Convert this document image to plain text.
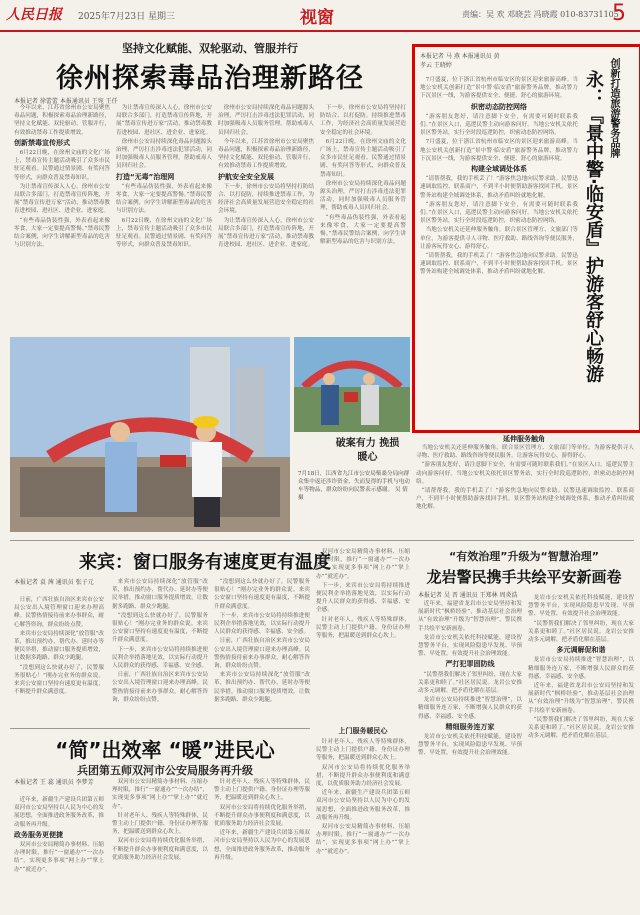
人民日报 2025年7月23日 星期三	视窗	责编：吴 欢 邓晓芸 冯晓霞 010-83731105
5
坚持文化赋能、双轮驱动、管服并行
徐州探索毒品治理新路径
本报记者 徐蕾蕾 本报通讯员 王宛 王仟

今年以来，江苏省徐州市公安局聚焦毒品问题，积极探索毒品治理新路径，坚持文化赋能、双轮驱动、管服并行，有效推动禁毒工作提质增效。

创新禁毒宣传形式

6月22日晚，在徐州文庙的文化广场上，禁毒宣传主题活动吸引了众多市民驻足观看。民警通过情景剧、有奖问答等形式，向群众普及禁毒知识。

为让禁毒宣传深入人心，徐州市公安局联合多部门，打造禁毒宣传阵地，开展“禁毒宣传进万家”活动，推动禁毒教育进校园、进社区、进企业、进家庭。

“有些毒品伪装性强，外表看起来像零食，大家一定要提高警惕。”禁毒民警结合案例，向学生讲解新型毒品的危害与识别方法。

为让禁毒宣传深入人心，徐州市公安局联合多部门，打造禁毒宣传阵地，开展“禁毒宣传进万家”活动，推动禁毒教育进校园、进社区、进企业、进家庭。

徐州市公安局持续深化毒品问题源头治理，严厉打击涉毒违法犯罪活动，同时加强吸毒人员服务管理，帮助戒毒人员回归社会。

打造“无毒”治理网

“有些毒品伪装性强，外表看起来像零食，大家一定要提高警惕。”禁毒民警结合案例，向学生讲解新型毒品的危害与识别方法。

6月22日晚，在徐州文庙的文化广场上，禁毒宣传主题活动吸引了众多市民驻足观看。民警通过情景剧、有奖问答等形式，向群众普及禁毒知识。

徐州市公安局持续深化毒品问题源头治理，严厉打击涉毒违法犯罪活动，同时加强吸毒人员服务管理，帮助戒毒人员回归社会。

今年以来，江苏省徐州市公安局聚焦毒品问题，积极探索毒品治理新路径，坚持文化赋能、双轮驱动、管服并行，有效推动禁毒工作提质增效。

护航安全安全发展

下一步，徐州市公安局将坚持打防结合、以打促防，持续推进禁毒工作，为经济社会高质量发展营造安全稳定的社会环境。

为让禁毒宣传深入人心，徐州市公安局联合多部门，打造禁毒宣传阵地，开展“禁毒宣传进万家”活动，推动禁毒教育进校园、进社区、进企业、进家庭。

下一步，徐州市公安局将坚持打防结合、以打促防，持续推进禁毒工作，为经济社会高质量发展营造安全稳定的社会环境。

6月22日晚，在徐州文庙的文化广场上，禁毒宣传主题活动吸引了众多市民驻足观看。民警通过情景剧、有奖问答等形式，向群众普及禁毒知识。

徐州市公安局持续深化毒品问题源头治理，严厉打击涉毒违法犯罪活动，同时加强吸毒人员服务管理，帮助戒毒人员回归社会。

“有些毒品伪装性强，外表看起来像零食，大家一定要提高警惕。”禁毒民警结合案例，向学生讲解新型毒品的危害与识别方法。

破案有力 挽损暖心
7月18日，江西省九江市公安局柴桑分局向群众集中返还涉诈资金、失而复得的手机与电动车等物品，群众纷纷向民警表示感谢。 吴 倩摄
本报记者 马 燕 本报通讯员 黄孝云 王晓婷	创新打造旅游警务品牌
永：『景中警·临安盾』护游客舒心畅游

7月盛夏，位于浙江省杭州市临安区的景区迎来旅游高峰。当地公安机关创新打造“景中警·临安盾”旅游警务品牌，推动警力下沉景区一线，为游客提供安全、便捷、舒心的旅游环境。

织密动态防控网络

“游客朋友您好，请注意脚下安全，有需要可随时联系我们。”在景区入口，巡逻民警主动向游客问好。当地公安机关依托景区警务站，实行全时段巡逻防控，织密动态防控网络。

7月盛夏，位于浙江省杭州市临安区的景区迎来旅游高峰。当地公安机关创新打造“景中警·临安盾”旅游警务品牌，推动警力下沉景区一线，为游客提供安全、便捷、舒心的旅游环境。

构建全域调处体系

“请帮帮我，我的手机丢了！”游客焦急地向民警求助。民警迅速调取监控、联系商户，不到半小时便帮助游客找回手机。景区警务站构建全域调处体系，推动矛盾纠纷就地化解。

“游客朋友您好，请注意脚下安全，有需要可随时联系我们。”在景区入口，巡逻民警主动向游客问好。当地公安机关依托景区警务站，实行全时段巡逻防控，织密动态防控网络。

当地公安机关还延伸服务触角，联合景区管理方、文旅部门等单位，为游客提供寻人寻物、医疗救助、路线咨询等便民服务，让游客玩得安心、游得舒心。

“请帮帮我，我的手机丢了！”游客焦急地向民警求助。民警迅速调取监控、联系商户，不到半小时便帮助游客找回手机。景区警务站构建全域调处体系，推动矛盾纠纷就地化解。

延伸服务触角

当地公安机关还延伸服务触角，联合景区管理方、文旅部门等单位，为游客提供寻人寻物、医疗救助、路线咨询等便民服务，让游客玩得安心、游得舒心。

“游客朋友您好，请注意脚下安全，有需要可随时联系我们。”在景区入口，巡逻民警主动向游客问好。当地公安机关依托景区警务站，实行全时段巡逻防控，织密动态防控网络。

“请帮帮我，我的手机丢了！”游客焦急地向民警求助。民警迅速调取监控、联系商户，不到半小时便帮助游客找回手机。景区警务站构建全域调处体系，推动矛盾纠纷就地化解。

来宾：窗口服务有速度更有温度
本报记者 袁 茜 通讯员 张子元

日前，广西壮族自治区来宾市公安局公安出入境管理窗口迎来办理高峰。民警热情接待前来办事群众，耐心解答咨询，群众纷纷点赞。

来宾市公安局持续深化“放管服”改革，推出预约办、帮代办、延时办等便民举措，推动窗口服务提质增效，让数据多跑路、群众少跑腿。

“没想到这么快就办好了，民警服务很贴心！”刚办完业务的群众说。来宾公安窗口坚持有速度更有温度，不断提升群众满意度。

来宾市公安局持续深化“放管服”改革，推出预约办、帮代办、延时办等便民举措，推动窗口服务提质增效，让数据多跑路、群众少跑腿。

“没想到这么快就办好了，民警服务很贴心！”刚办完业务的群众说。来宾公安窗口坚持有速度更有温度，不断提升群众满意度。

下一步，来宾市公安局将持续推进便民利企举措落地见效，以实际行动提升人民群众的获得感、幸福感、安全感。

日前，广西壮族自治区来宾市公安局公安出入境管理窗口迎来办理高峰。民警热情接待前来办事群众，耐心解答咨询，群众纷纷点赞。

“没想到这么快就办好了，民警服务很贴心！”刚办完业务的群众说。来宾公安窗口坚持有速度更有温度，不断提升群众满意度。

下一步，来宾市公安局将持续推进便民利企举措落地见效，以实际行动提升人民群众的获得感、幸福感、安全感。

日前，广西壮族自治区来宾市公安局公安出入境管理窗口迎来办理高峰。民警热情接待前来办事群众，耐心解答咨询，群众纷纷点赞。

来宾市公安局持续深化“放管服”改革，推出预约办、帮代办、延时办等便民举措，推动窗口服务提质增效，让数据多跑路、群众少跑腿。

双河市公安局精简办事材料、压缩办理时限，推行“一窗通办”“一次办结”，实现更多事项“网上办”“掌上办”“就近办”。

下一步，来宾市公安局将持续推进便民利企举措落地见效，以实际行动提升人民群众的获得感、幸福感、安全感。

针对老年人、残疾人等特殊群体，民警主动上门提供户籍、身份证办理等服务，把温暖送到群众心坎上。

上门服务暖民心

针对老年人、残疾人等特殊群体，民警主动上门提供户籍、身份证办理等服务，把温暖送到群众心坎上。

双河市公安局将持续优化服务举措，不断提升群众办事便利度和满意度，以优质服务助力经济社会发展。

近年来，新疆生产建设兵团第五师双河市公安局坚持以人民为中心的发展思想，全面推进政务服务改革，推动服务再升级。

双河市公安局精简办事材料、压缩办理时限，推行“一窗通办”“一次办结”，实现更多事项“网上办”“掌上办”“就近办”。

“简”出效率 “暖”进民心
兵团第五师双河市公安局服务再升级
本报记者 王 蕊 通讯员 李梦芳

近年来，新疆生产建设兵团第五师双河市公安局坚持以人民为中心的发展思想，全面推进政务服务改革，推动服务再升级。

政务服务更便捷

双河市公安局精简办事材料、压缩办理时限，推行“一窗通办”“一次办结”，实现更多事项“网上办”“掌上办”“就近办”。

双河市公安局精简办事材料、压缩办理时限，推行“一窗通办”“一次办结”，实现更多事项“网上办”“掌上办”“就近办”。

针对老年人、残疾人等特殊群体，民警主动上门提供户籍、身份证办理等服务，把温暖送到群众心坎上。

双河市公安局将持续优化服务举措，不断提升群众办事便利度和满意度，以优质服务助力经济社会发展。

针对老年人、残疾人等特殊群体，民警主动上门提供户籍、身份证办理等服务，把温暖送到群众心坎上。

双河市公安局将持续优化服务举措，不断提升群众办事便利度和满意度，以优质服务助力经济社会发展。

近年来，新疆生产建设兵团第五师双河市公安局坚持以人民为中心的发展思想，全面推进政务服务改革，推动服务再升级。

“有效治理”升级为“智慧治理”
龙岩警民携手共绘平安新画卷
本报记者 吴 晋 通讯员 王郑林 周炎浩

近年来，福建省龙岩市公安局坚持和发展新时代“枫桥经验”，推动基层社会治理从“有效治理”升级为“智慧治理”，警民携手共绘平安新画卷。

龙岩市公安机关依托科技赋能，建设智慧警务平台，实现风险隐患早发现、早预警、早处置，有效提升社会治理效能。

严打犯罪固防线

“民警帮我们解决了邻里纠纷，现在大家关系更和睦了。”社区居民说。龙岩公安推动多元调解，把矛盾化解在基层。

龙岩市公安局持续推进“智慧治理”，以精细服务连万家，不断增强人民群众的获得感、幸福感、安全感。

精细服务连万家

龙岩市公安机关依托科技赋能，建设智慧警务平台，实现风险隐患早发现、早预警、早处置，有效提升社会治理效能。

龙岩市公安机关依托科技赋能，建设智慧警务平台，实现风险隐患早发现、早预警、早处置，有效提升社会治理效能。

“民警帮我们解决了邻里纠纷，现在大家关系更和睦了。”社区居民说。龙岩公安推动多元调解，把矛盾化解在基层。

多元调解促和谐

龙岩市公安局持续推进“智慧治理”，以精细服务连万家，不断增强人民群众的获得感、幸福感、安全感。

近年来，福建省龙岩市公安局坚持和发展新时代“枫桥经验”，推动基层社会治理从“有效治理”升级为“智慧治理”，警民携手共绘平安新画卷。

“民警帮我们解决了邻里纠纷，现在大家关系更和睦了。”社区居民说。龙岩公安推动多元调解，把矛盾化解在基层。
